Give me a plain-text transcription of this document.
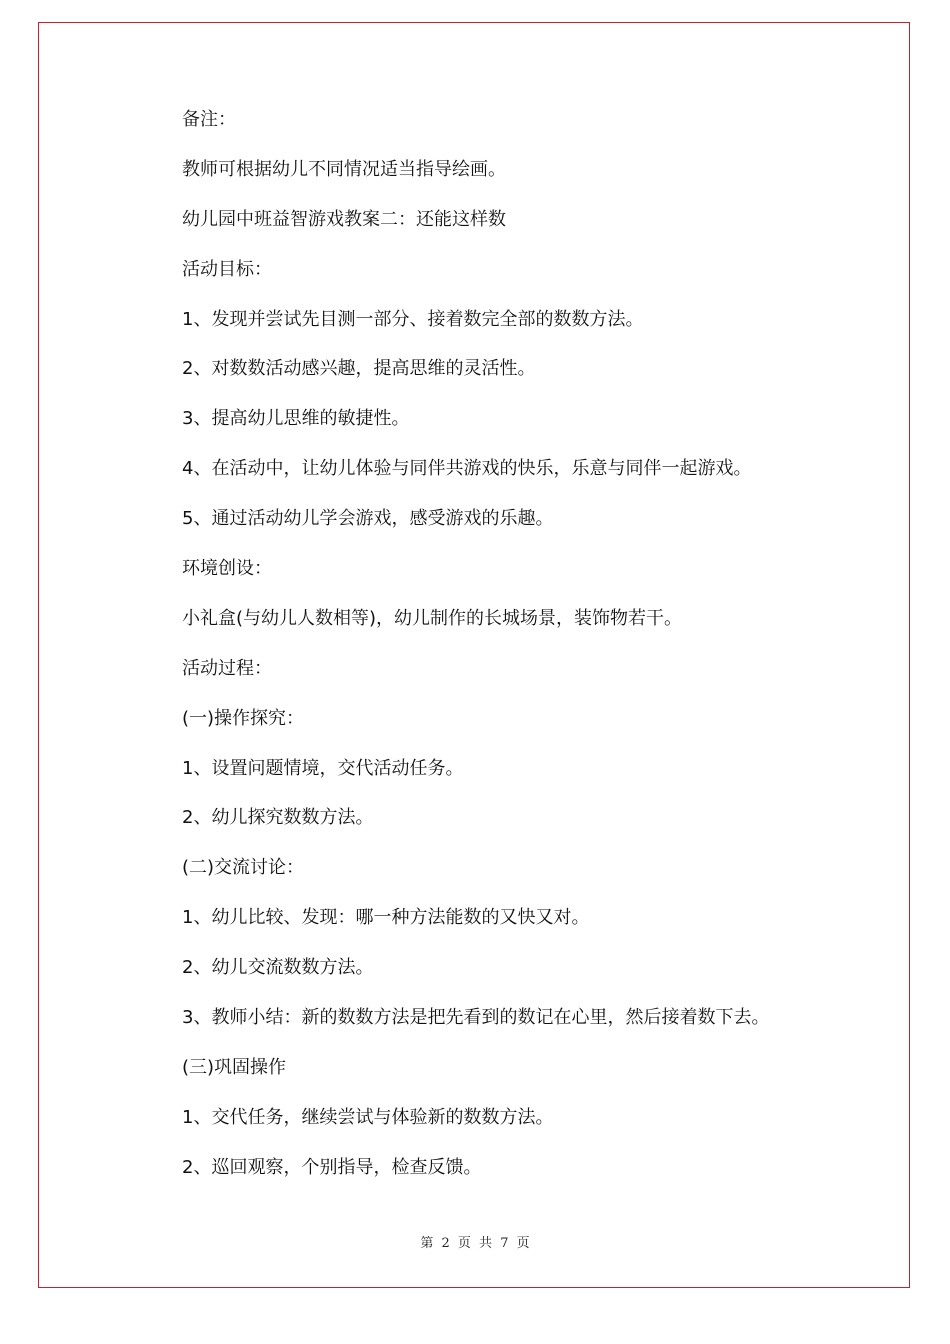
备注：
教师可根据幼儿不同情况适当指导绘画。
幼儿园中班益智游戏教案二：还能这样数
活动目标：
1、发现并尝试先目测一部分、接着数完全部的数数方法。
2、对数数活动感兴趣，提高思维的灵活性。
3、提高幼儿思维的敏捷性。
4、在活动中，让幼儿体验与同伴共游戏的快乐，乐意与同伴一起游戏。
5、通过活动幼儿学会游戏，感受游戏的乐趣。
环境创设：
小礼盒(与幼儿人数相等)，幼儿制作的长城场景，装饰物若干。
活动过程：
(一)操作探究：
1、设置问题情境，交代活动任务。
2、幼儿探究数数方法。
(二)交流讨论：
1、幼儿比较、发现：哪一种方法能数的又快又对。
2、幼儿交流数数方法。
3、教师小结：新的数数方法是把先看到的数记在心里，然后接着数下去。
(三)巩固操作
1、交代任务，继续尝试与体验新的数数方法。
2、巡回观察，个别指导，检查反馈。
第 2 页 共 7 页
